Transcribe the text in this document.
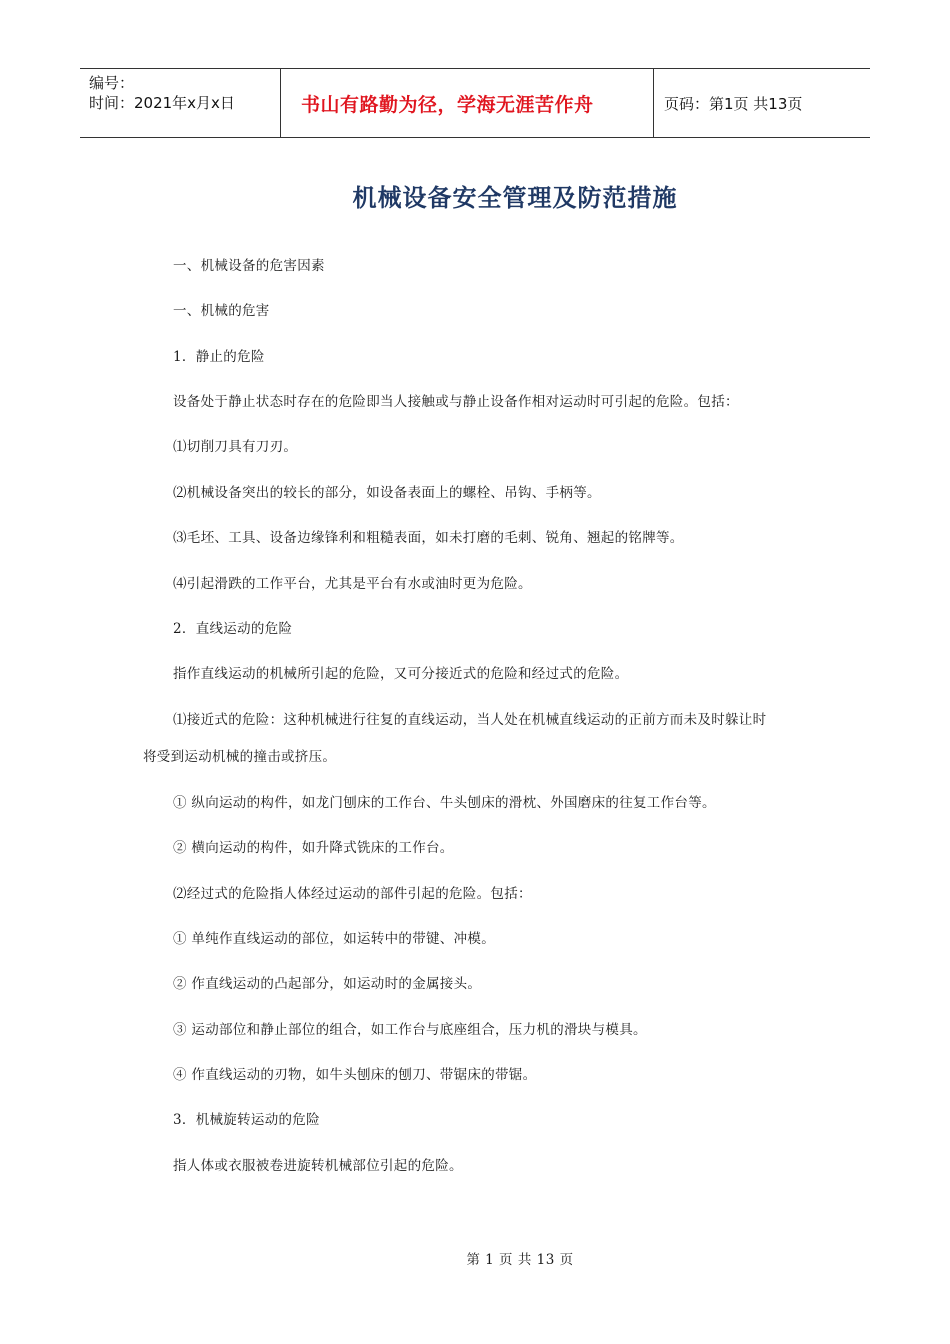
编号：
时间：2021年x月x日	书山有路勤为径，学海无涯苦作舟	页码：第1页 共13页
机械设备安全管理及防范措施
一、机械设备的危害因素
一、机械的危害
1．静止的危险
设备处于静止状态时存在的危险即当人接触或与静止设备作相对运动时可引起的危险。包括：
⑴切削刀具有刀刃。
⑵机械设备突出的较长的部分，如设备表面上的螺栓、吊钩、手柄等。
⑶毛坯、工具、设备边缘锋利和粗糙表面，如未打磨的毛刺、锐角、翘起的铭牌等。
⑷引起滑跌的工作平台，尤其是平台有水或油时更为危险。
2．直线运动的危险
指作直线运动的机械所引起的危险，又可分接近式的危险和经过式的危险。
⑴接近式的危险：这种机械进行往复的直线运动，当人处在机械直线运动的正前方而未及时躲让时
将受到运动机械的撞击或挤压。
① 纵向运动的构件，如龙门刨床的工作台、牛头刨床的滑枕、外国磨床的往复工作台等。
② 横向运动的构件，如升降式铣床的工作台。
⑵经过式的危险指人体经过运动的部件引起的危险。包括：
① 单纯作直线运动的部位，如运转中的带键、冲模。
② 作直线运动的凸起部分，如运动时的金属接头。
③ 运动部位和静止部位的组合，如工作台与底座组合，压力机的滑块与模具。
④ 作直线运动的刃物，如牛头刨床的刨刀、带锯床的带锯。
3．机械旋转运动的危险
指人体或衣服被卷进旋转机械部位引起的危险。
第 1 页 共 13 页
